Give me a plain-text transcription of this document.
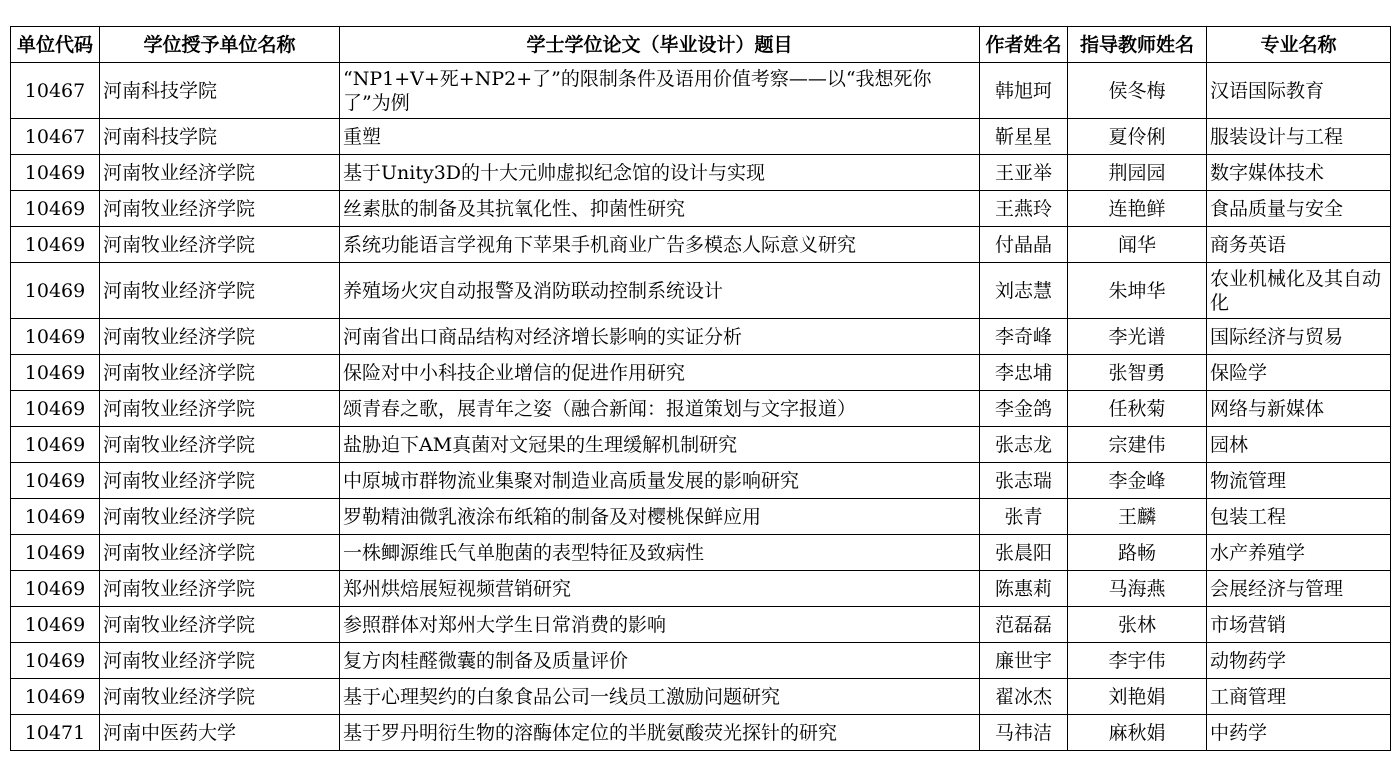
单位代码	学位授予单位名称	学士学位论文（毕业设计）题目	作者姓名	指导教师姓名	专业名称
10467	河南科技学院	“NP1+V+死+NP2+了”的限制条件及语用价值考察——以“我想死你了”为例	韩旭珂	侯冬梅	汉语国际教育
10467	河南科技学院	重塑	靳星星	夏伶俐	服装设计与工程
10469	河南牧业经济学院	基于Unity3D的十大元帅虚拟纪念馆的设计与实现	王亚举	荆园园	数字媒体技术
10469	河南牧业经济学院	丝素肽的制备及其抗氧化性、抑菌性研究	王燕玲	连艳鲜	食品质量与安全
10469	河南牧业经济学院	系统功能语言学视角下苹果手机商业广告多模态人际意义研究	付晶晶	闻华	商务英语
10469	河南牧业经济学院	养殖场火灾自动报警及消防联动控制系统设计	刘志慧	朱坤华	农业机械化及其自动化
10469	河南牧业经济学院	河南省出口商品结构对经济增长影响的实证分析	李奇峰	李光谱	国际经济与贸易
10469	河南牧业经济学院	保险对中小科技企业增信的促进作用研究	李忠埔	张智勇	保险学
10469	河南牧业经济学院	颂青春之歌，展青年之姿（融合新闻：报道策划与文字报道）	李金鸽	任秋菊	网络与新媒体
10469	河南牧业经济学院	盐胁迫下AM真菌对文冠果的生理缓解机制研究	张志龙	宗建伟	园林
10469	河南牧业经济学院	中原城市群物流业集聚对制造业高质量发展的影响研究	张志瑞	李金峰	物流管理
10469	河南牧业经济学院	罗勒精油微乳液涂布纸箱的制备及对樱桃保鲜应用	张青	王麟	包装工程
10469	河南牧业经济学院	一株鲫源维氏气单胞菌的表型特征及致病性	张晨阳	路畅	水产养殖学
10469	河南牧业经济学院	郑州烘焙展短视频营销研究	陈惠莉	马海燕	会展经济与管理
10469	河南牧业经济学院	参照群体对郑州大学生日常消费的影响	范磊磊	张林	市场营销
10469	河南牧业经济学院	复方肉桂醛微囊的制备及质量评价	廉世宇	李宇伟	动物药学
10469	河南牧业经济学院	基于心理契约的白象食品公司一线员工激励问题研究	翟冰杰	刘艳娟	工商管理
10471	河南中医药大学	基于罗丹明衍生物的溶酶体定位的半胱氨酸荧光探针的研究	马祎洁	麻秋娟	中药学
